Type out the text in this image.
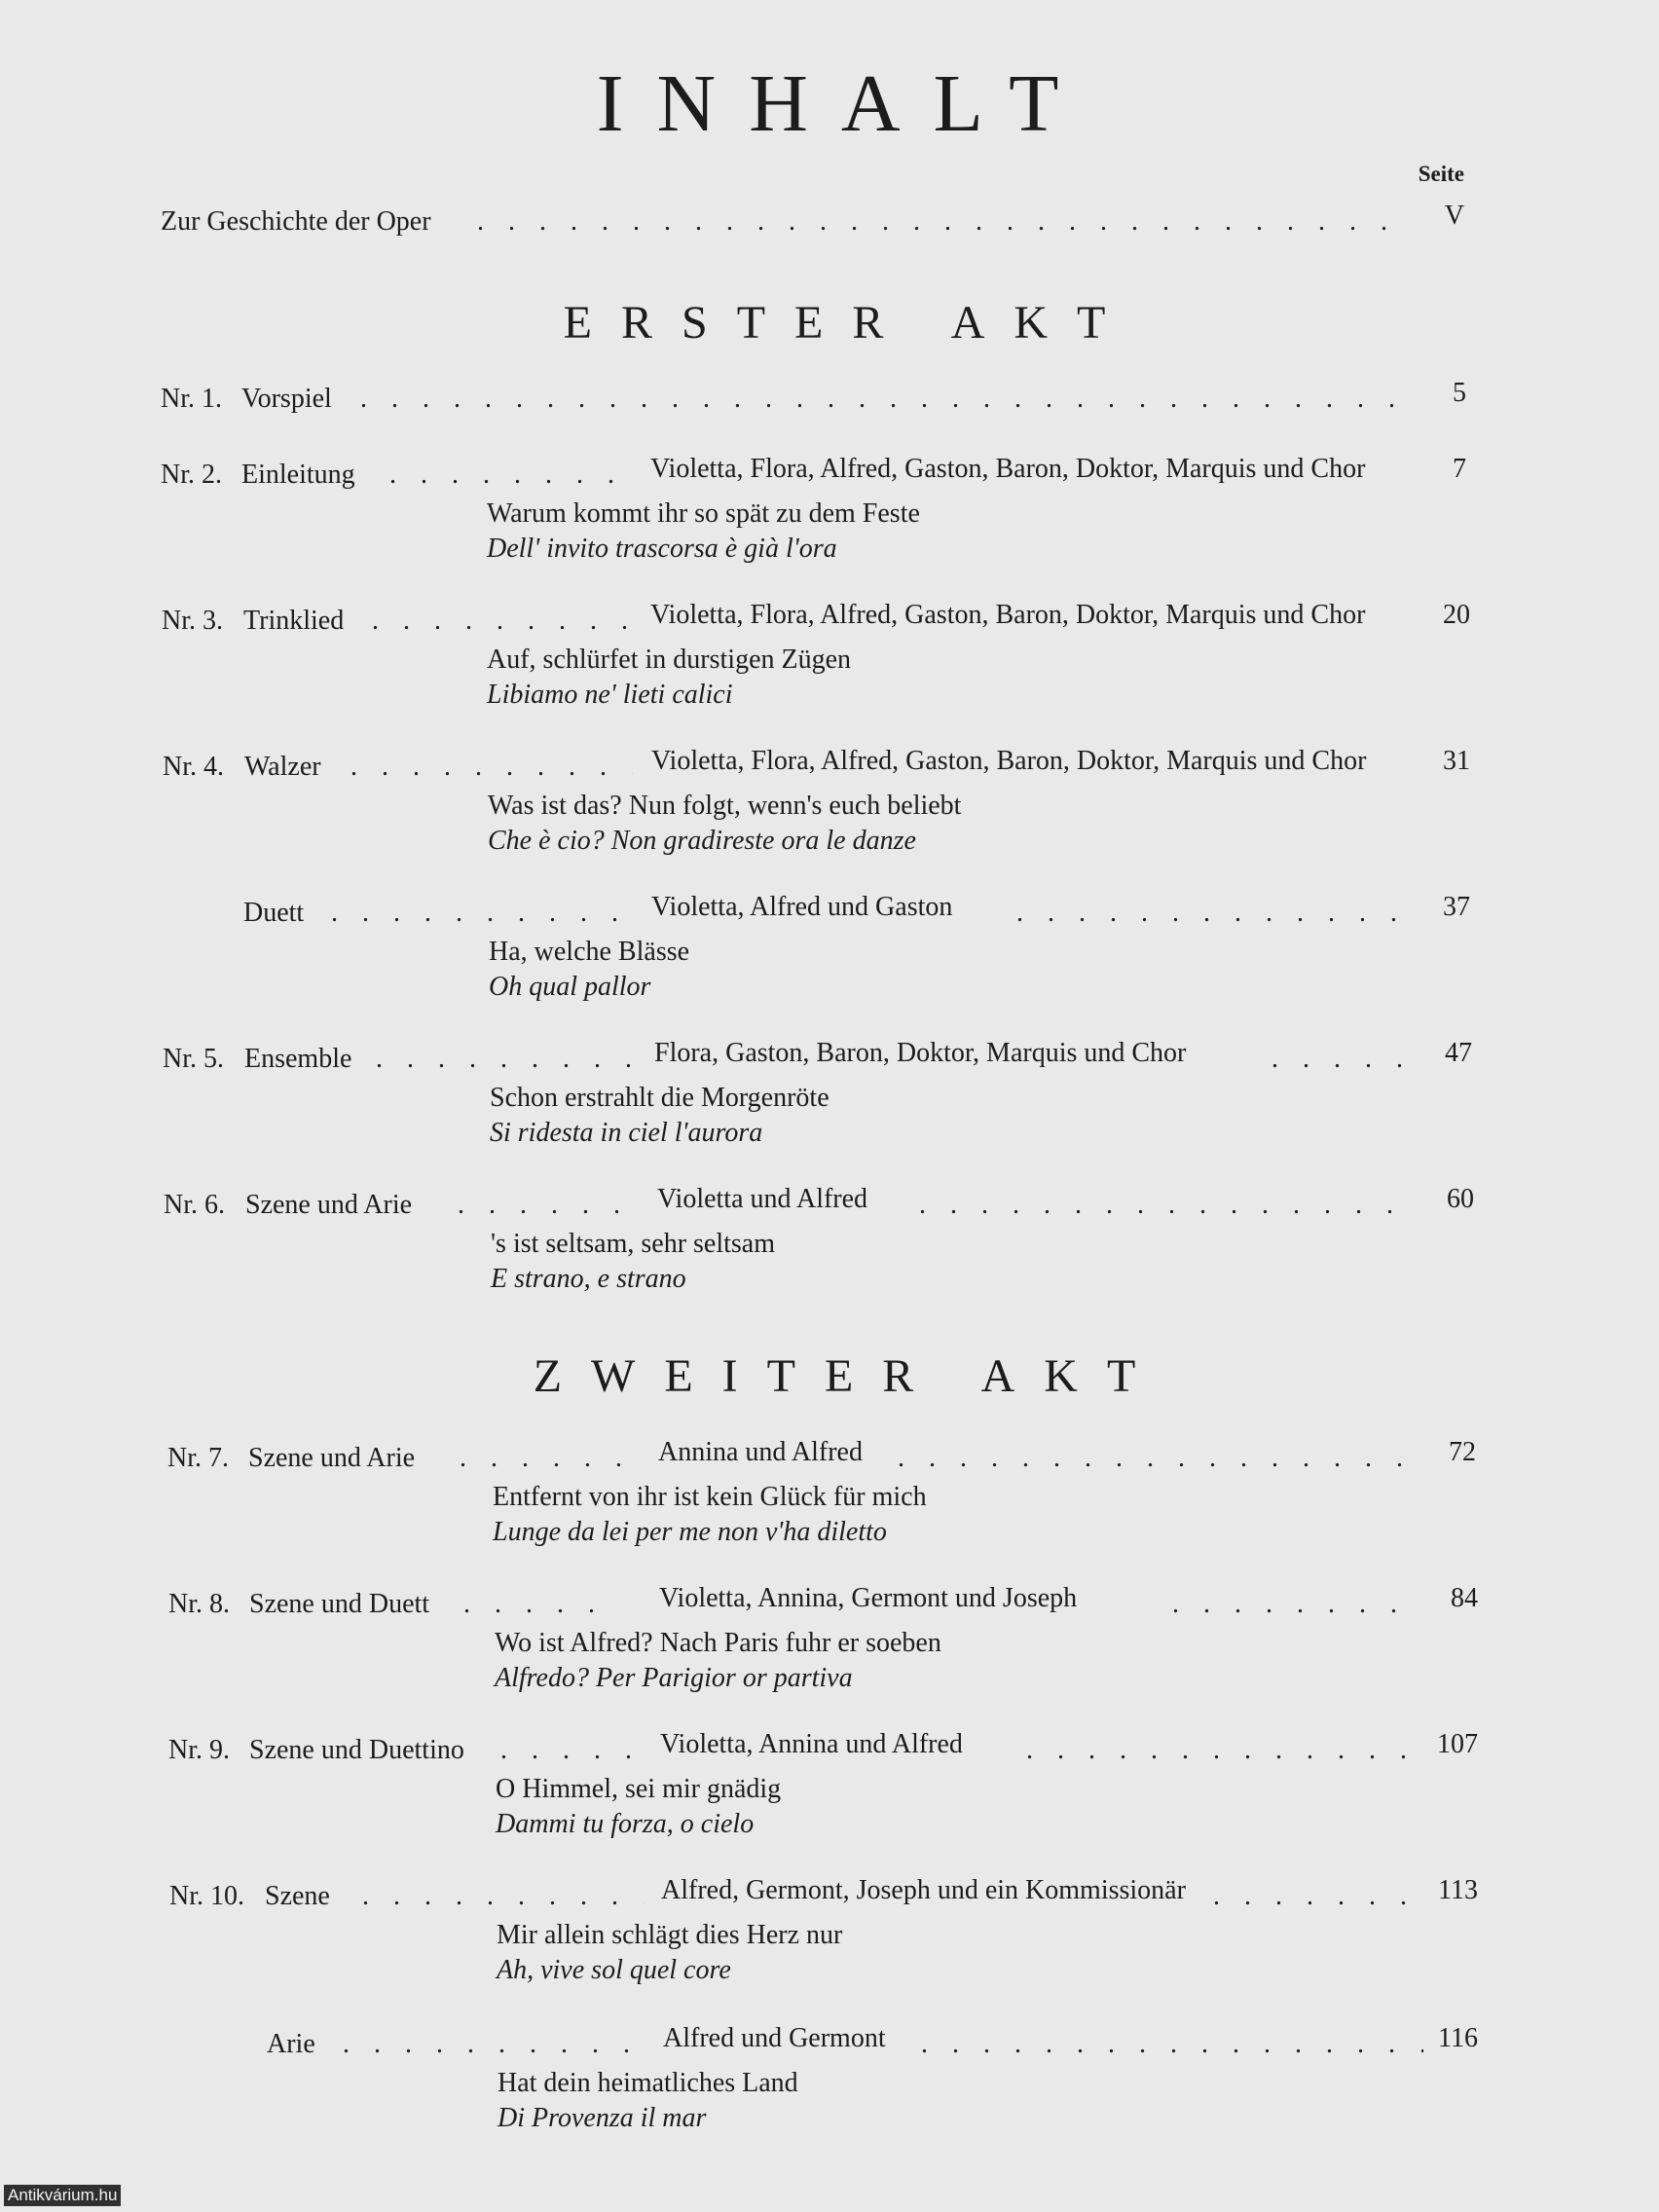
INHALT
Seite
Zur Geschichte der Oper . . .	V
ERSTER AKT
Nr. 1. Vorspiel . . .	5
Nr. 2. Einleitung . . .	Violetta, Flora, Alfred, Gaston, Baron, Doktor, Marquis und Chor	7
Warum kommt ihr so spät zu dem Feste
Dell' invito trascorsa è già l'ora
Nr. 3. Trinklied . . .	Violetta, Flora, Alfred, Gaston, Baron, Doktor, Marquis und Chor	20
Auf, schlürfet in durstigen Zügen
Libiamo ne' lieti calici
Nr. 4. Walzer . . .	Violetta, Flora, Alfred, Gaston, Baron, Doktor, Marquis und Chor	31
Was ist das? Nun folgt, wenn's euch beliebt
Che è cio? Non gradireste ora le danze
Duett . . .	Violetta, Alfred und Gaston . . .	37
Ha, welche Blässe
Oh qual pallor
Nr. 5. Ensemble . . .	Flora, Gaston, Baron, Doktor, Marquis und Chor . . .	47
Schon erstrahlt die Morgenröte
Si ridesta in ciel l'aurora
Nr. 6. Szene und Arie . . .	Violetta und Alfred . . .	60
's ist seltsam, sehr seltsam
E strano, e strano
ZWEITER AKT
Nr. 7. Szene und Arie . . .	Annina und Alfred . . .	72
Entfernt von ihr ist kein Glück für mich
Lunge da lei per me non v'ha diletto
Nr. 8. Szene und Duett . . .	Violetta, Annina, Germont und Joseph . . .	84
Wo ist Alfred? Nach Paris fuhr er soeben
Alfredo? Per Parigior or partiva
Nr. 9. Szene und Duettino . . .	Violetta, Annina und Alfred . . .	107
O Himmel, sei mir gnädig
Dammi tu forza, o cielo
Nr. 10. Szene . . .	Alfred, Germont, Joseph und ein Kommissionär . . .	113
Mir allein schlägt dies Herz nur
Ah, vive sol quel core
Arie . . .	Alfred und Germont . . .	116
Hat dein heimatliches Land
Di Provenza il mar
Antikvárium.hu
